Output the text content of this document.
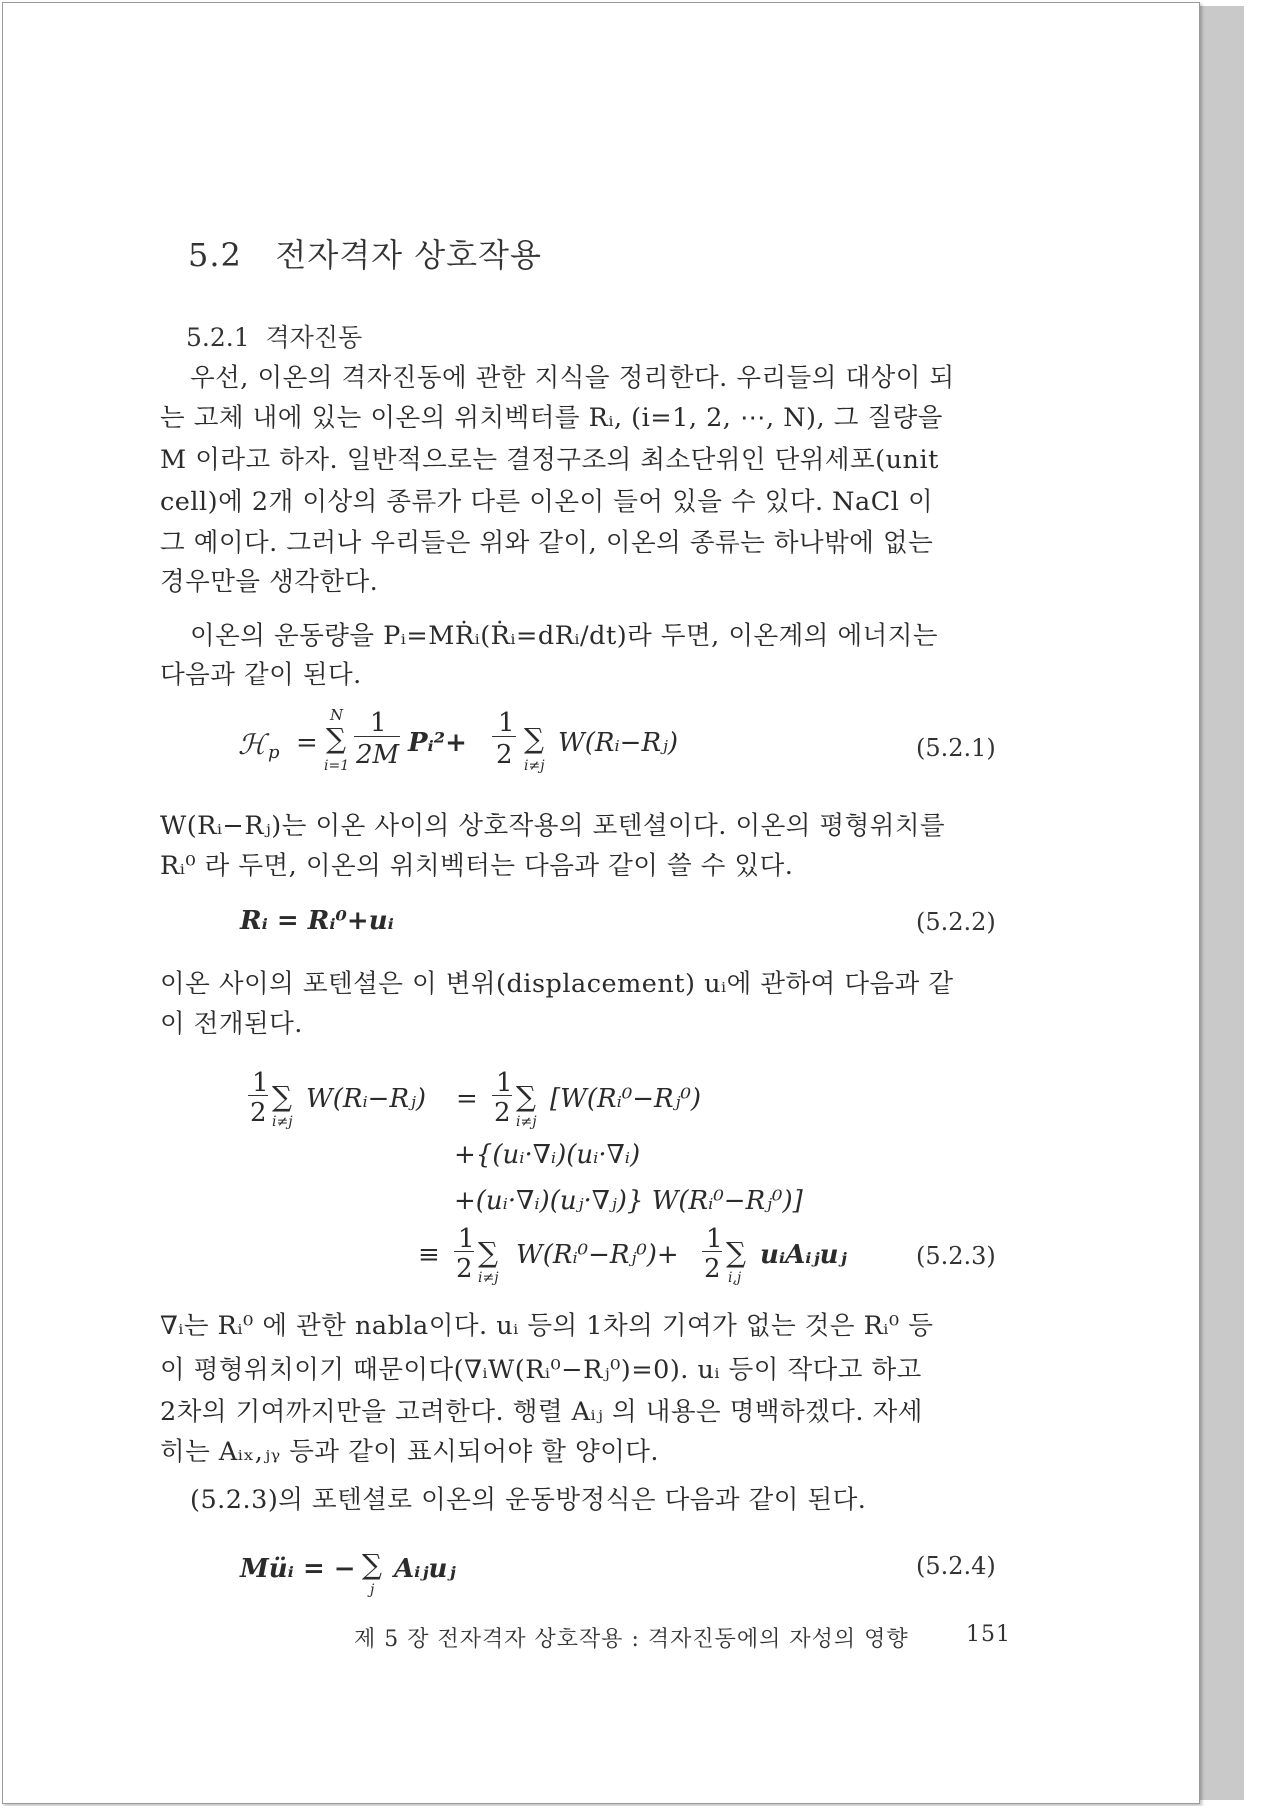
5.2 전자격자 상호작용
5.2.1 격자진동
우선, 이온의 격자진동에 관한 지식을 정리한다. 우리들의 대상이 되
는 고체 내에 있는 이온의 위치벡터를 Rᵢ, (i=1, 2, ⋯, N), 그 질량을
M 이라고 하자. 일반적으로는 결정구조의 최소단위인 단위세포(unit
cell)에 2개 이상의 종류가 다른 이온이 들어 있을 수 있다. NaCl 이
그 예이다. 그러나 우리들은 위와 같이, 이온의 종류는 하나밖에 없는
경우만을 생각한다.
이온의 운동량을 Pᵢ=MṘᵢ(Ṙᵢ=dRᵢ/dt)라 두면, 이온계의 에너지는
다음과 같이 된다.
ℋ p =
N
∑
i=1
1
2M Pᵢ²+
1
2 ∑
i≠j
W(Rᵢ−Rⱼ)	(5.2.1)
W(Rᵢ−Rⱼ)는 이온 사이의 상호작용의 포텐셜이다. 이온의 평형위치를
Rᵢ⁰ 라 두면, 이온의 위치벡터는 다음과 같이 쓸 수 있다.
Rᵢ = Rᵢ⁰+uᵢ	(5.2.2)
이온 사이의 포텐셜은 이 변위(displacement) uᵢ에 관하여 다음과 같
이 전개된다.
1
2 ∑
i≠j
W(Rᵢ−Rⱼ) =
1
2 ∑
i≠j
[W(Rᵢ⁰−Rⱼ⁰)
+{(uᵢ·∇ᵢ)(uᵢ·∇ᵢ)
+(uᵢ·∇ᵢ)(uⱼ·∇ⱼ)} W(Rᵢ⁰−Rⱼ⁰)]
≡
1
2 ∑
i≠j
W(Rᵢ⁰−Rⱼ⁰)+
1
2 ∑
i,j
uᵢAᵢⱼuⱼ	(5.2.3)
∇ᵢ는 Rᵢ⁰ 에 관한 nabla이다. uᵢ 등의 1차의 기여가 없는 것은 Rᵢ⁰ 등
이 평형위치이기 때문이다(∇ᵢW(Rᵢ⁰−Rⱼ⁰)=0). uᵢ 등이 작다고 하고
2차의 기여까지만을 고려한다. 행렬 Aᵢⱼ 의 내용은 명백하겠다. 자세
히는 Aᵢₓ,ⱼᵧ 등과 같이 표시되어야 할 양이다.
(5.2.3)의 포텐셜로 이온의 운동방정식은 다음과 같이 된다.
Müᵢ = − ∑
j
Aᵢⱼuⱼ	(5.2.4)
제 5 장 전자격자 상호작용 : 격자진동에의 자성의 영향	151
